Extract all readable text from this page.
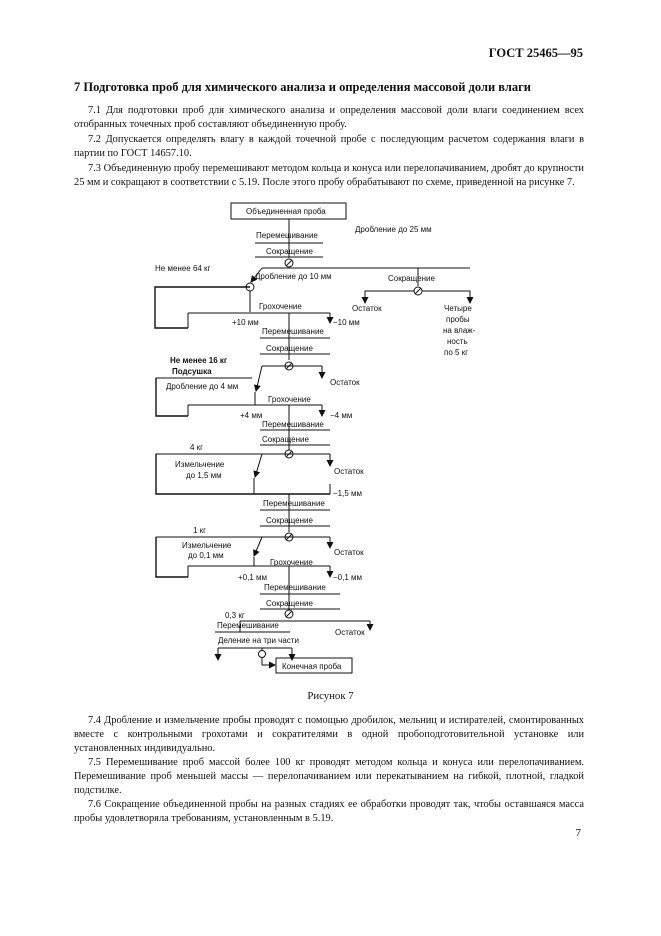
ГОСТ 25465—95
7 Подготовка проб для химического анализа и определения массовой доли влаги

7.1 Для подготовки проб для химического анализа и определения массовой доли влаги соединением всех отобранных точечных проб составляют объединенную пробу.

7.2 Допускается определять влагу в каждой точечной пробе с последующим расчетом содержания влаги в партии по ГОСТ 14657.10.

7.3 Объединенную пробу перемешивают методом кольца и конуса или перелопачиванием, дробят до крупности 25 мм и сокращают в соответствии с 5.19. После этого пробу обрабатывают по схеме, приведенной на рисунке 7.

Объединенная проба
Дробление до 25 мм
Перемешивание
Сокращение
Не менее 64 кг
Дробление до 10 мм	Сокращение
Остаток	Четыре
пробы
на влаж-
ность
по 5 кг
Грохочение
+10 мм	−10 мм
Перемешивание
Сокращение
Остаток
Не менее 16 кг
Подсушка
Дробление до 4 мм
Грохочение
+4 мм	−4 мм
Перемешивание
Сокращение
Остаток
4 кг
Измельчение
до 1,5 мм
−1,5 мм
Перемешивание
Сокращение
Остаток
1 кг
Измельчение
до 0,1 мм
Грохочение
+0,1 мм	−0,1 мм
Перемешивание
Сокращение
Остаток
0,3 кг
Перемешивание
Деление на три части
Конечная проба
Рисунок 7

7.4 Дробление и измельчение пробы проводят с помощью дробилок, мельниц и истирателей, смонтированных вместе с контрольными грохотами и сократителями в одной пробоподготовительной установке или установленных индивидуально.

7.5 Перемешивание проб массой более 100 кг проводят методом кольца и конуса или перелопачиванием. Перемешивание проб меньшей массы — перелопачиванием или перекатыванием на гибкой, плотной, гладкой подстилке.

7.6 Сокращение объединенной пробы на разных стадиях ее обработки проводят так, чтобы оставшаяся масса пробы удовлетворяла требованиям, установленным в 5.19.

7
